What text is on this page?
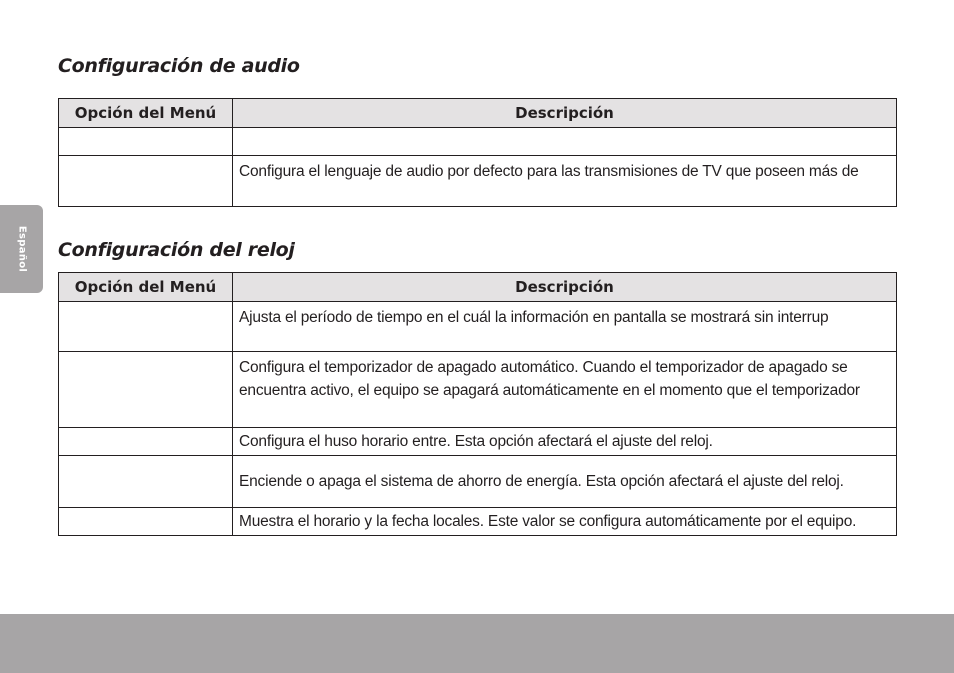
Español
Configuración de audio
Opción del Menú	Descripción

	Configura el lenguaje de audio por defecto para las transmisiones de TV que poseen más de
Configuración del reloj
Opción del Menú	Descripción
	Ajusta el período de tiempo en el cuál la información en pantalla se mostrará sin interrup
	Configura el temporizador de apagado automático. Cuando el temporizador de apagado se encuentra activo, el equipo se apagará automáticamente en el momento que el temporizador
	Configura el huso horario entre. Esta opción afectará el ajuste del reloj.
	Enciende o apaga el sistema de ahorro de energía. Esta opción afectará el ajuste del reloj.
	Muestra el horario y la fecha locales. Este valor se configura automáticamente por el equipo.
